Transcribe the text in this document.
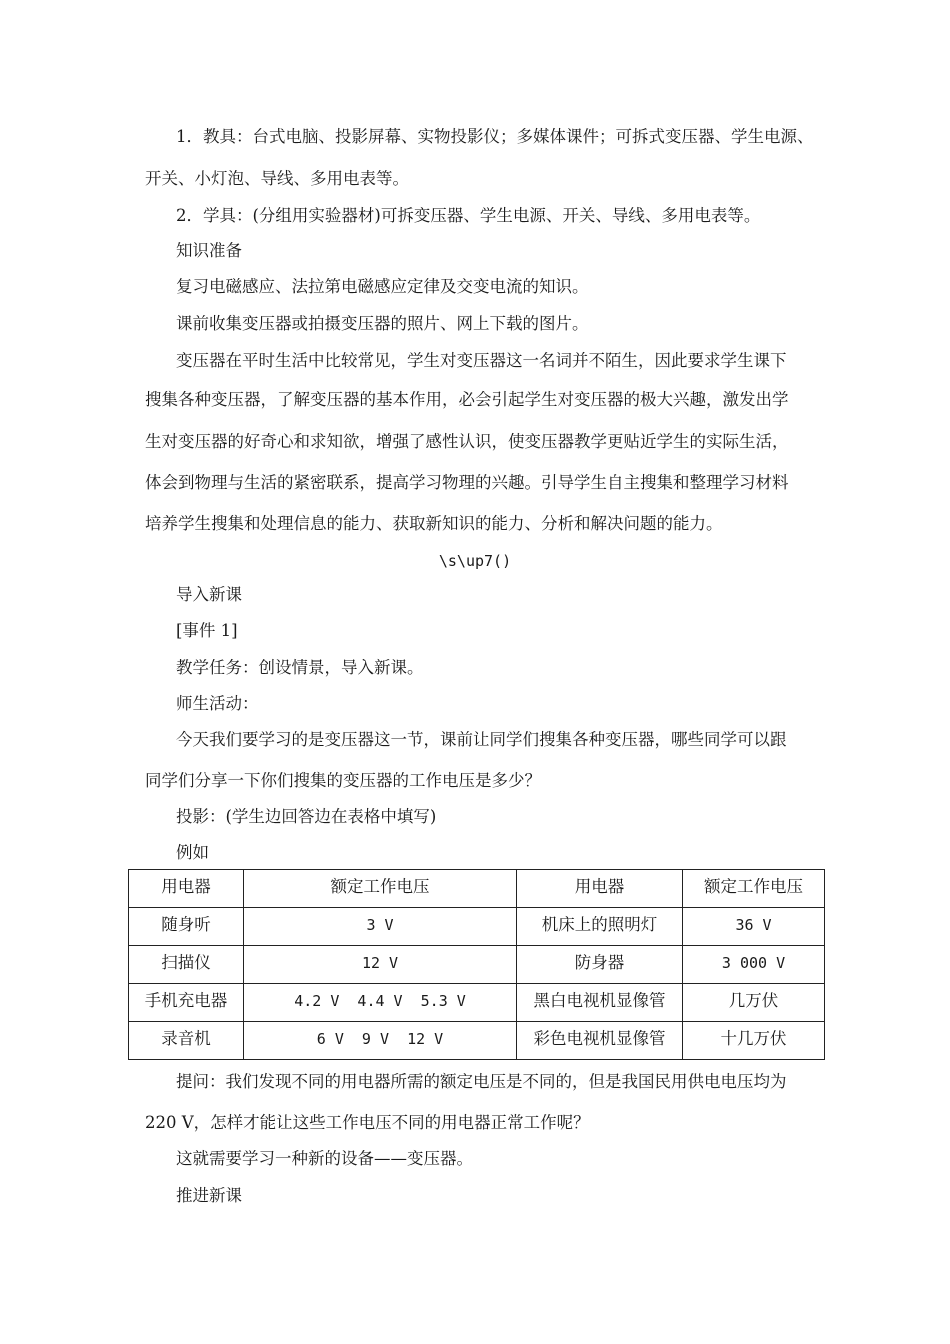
1．教具：台式电脑、投影屏幕、实物投影仪；多媒体课件；可拆式变压器、学生电源、
开关、小灯泡、导线、多用电表等。
2．学具：(分组用实验器材)可拆变压器、学生电源、开关、导线、多用电表等。
知识准备
复习电磁感应、法拉第电磁感应定律及交变电流的知识。
课前收集变压器或拍摄变压器的照片、网上下载的图片。
变压器在平时生活中比较常见，学生对变压器这一名词并不陌生，因此要求学生课下
搜集各种变压器，了解变压器的基本作用，必会引起学生对变压器的极大兴趣，激发出学
生对变压器的好奇心和求知欲，增强了感性认识，使变压器教学更贴近学生的实际生活，
体会到物理与生活的紧密联系，提高学习物理的兴趣。引导学生自主搜集和整理学习材料
培养学生搜集和处理信息的能力、获取新知识的能力、分析和解决问题的能力。
\s\up7()
导入新课
[事件 1]
教学任务：创设情景，导入新课。
师生活动：
今天我们要学习的是变压器这一节，课前让同学们搜集各种变压器，哪些同学可以跟
同学们分享一下你们搜集的变压器的工作电压是多少？
投影：(学生边回答边在表格中填写)
例如
用电器	额定工作电压	用电器	额定工作电压
随身听	3 V	机床上的照明灯	36 V
扫描仪	12 V	防身器	3 000 V
手机充电器	4.2 V  4.4 V  5.3 V	黑白电视机显像管	几万伏
录音机	6 V  9 V  12 V	彩色电视机显像管	十几万伏
提问：我们发现不同的用电器所需的额定电压是不同的，但是我国民用供电电压均为
220 V，怎样才能让这些工作电压不同的用电器正常工作呢？
这就需要学习一种新的设备——变压器。
推进新课
